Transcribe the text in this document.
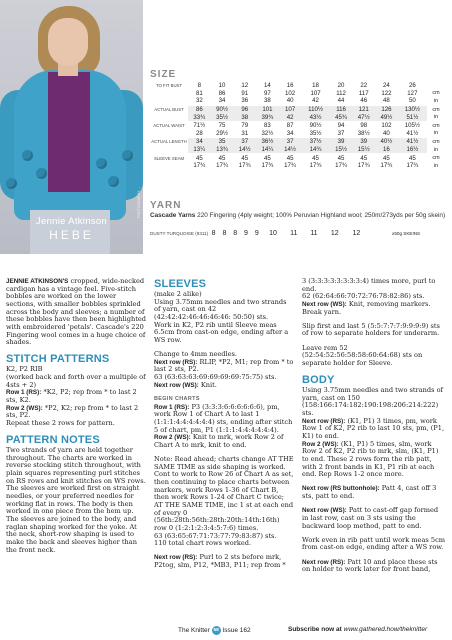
PHOTOGRAPHY: ...
Jennie Atkinson
HEBE
SIZE
TO FIT BUST	8	10	12	14	16	18	20	22	24	26	
	81	86	91	97	102	107	112	117	122	127	cm
	32	34	36	38	40	42	44	46	48	50	in
ACTUAL BUST	86	90½	96	101	107	110½	116	121	126	130½	cm
	33¾	35½	38	39¾	42	43½	45¾	47½	49½	51½	in
ACTUAL WAIST	71½	75	79	83	87	90½	94	98	102	105½	cm
	28	29½	31	32½	34	35½	37	38½	40	41½	in
ACTUAL LENGTH	34	35	37	36½	37	37½	39	39	40½	41½	cm
	13¼	13¾	14½	14¼	14½	14¾	15½	15½	16	16½	in
SLEEVE SEAM	45	45	45	45	45	45	45	45	45	45	cm
	17¾	17¾	17¾	17¾	17¾	17¾	17¾	17¾	17¾	17¾	in
YARN
Cascade Yarns 220 Fingering (4ply weight; 100% Peruvian Highland wool; 250m/273yds per 50g skein)
DUSTY TURQUOISE (9311)	8	8	8	9	9	10	11	11	12	12	x50g SKEINS

JENNIE ATKINSON'S cropped, wide-necked cardigan has a vintage feel. Five-stitch bobbles are worked on the lower sections, with smaller bobbles sprinkled across the body and sleeves; a number of these bobbles have then been highlighted with embroidered 'petals'. Cascade's 220 Fingering wool comes in a huge choice of shades.

STITCH PATTERNS

K2, P2 RIB

(worked back and forth over a multiple of 4sts + 2)

Row 1 (RS): *K2, P2; rep from * to last 2 sts, K2.

Row 2 (WS): *P2, K2; rep from * to last 2 sts, P2.

Repeat these 2 rows for pattern.

PATTERN NOTES

Two strands of yarn are held together throughout. The charts are worked in reverse stocking stitch throughout, with plain squares representing purl stitches on RS rows and knit stitches on WS rows. The sleeves are worked first on straight needles, or your preferred needles for working flat in rows. The body is then worked in one piece from the hem up. The sleeves are joined to the body, and raglan shaping worked for the yoke. At the neck, short-row shaping is used to make the back and sleeves higher than the front neck.

SLEEVES

(make 2 alike)

Using 3.75mm needles and two strands of yarn, cast on 42 (42:42:42:46:46:46:46: 50:50) sts.

Work in K2, P2 rib until Sleeve meas 6.5cm from cast-on edge, ending after a WS row.

Change to 4mm needles.

Next row (RS): RLIP, *P2, M1; rep from * to last 2 sts, P2.

63 (63:63:63:69:69:69:69:75:75) sts.

Next row (WS): Knit.

BEGIN CHARTS

Row 1 (RS): P3 (3:3:3:6:6:6:6:6:6), pm, work Row 1 of Chart A to last 1 (1:1:1:4:4:4:4:4:4) sts, ending after stitch 5 of chart, pm, P1 (1:1:1:4:4:4:4:4:4).

Row 2 (WS): Knit to mrk, work Row 2 of Chart A to mrk, knit to end.

Note: Read ahead; charts change AT THE SAME TIME as side shaping is worked. Cont to work to Row 26 of Chart A as set, then continuing to place charts between markers, work Rows 1-36 of Chart B, then work Rows 1-24 of Chart C twice; AT THE SAME TIME, inc 1 st at each end of every 0 (56th:28th:56th:28th:20th:14th:16th) row 0 (1:2:1:2:3:4:5:7:6) times.

63 (63:65:67:71:73:77:79:83:87) sts.

110 total chart rows worked.

Next row (RS): Purl to 2 sts before mrk, P2tog, slm, P12, *MB3, P11; rep from *

3 (3:3:3:3:3:3:3:3:4) times more, purl to end.

62 (62:64:66:70:72:76:78:82:86) sts.

Next row (WS): Knit, removing markers. Break yarn.

Slip first and last 5 (5:5:7:7:7:9:9:9:9) sts of row to separate holders for underarm.

Leave rem 52 (52:54:52:56:58:58:60:64:68) sts on separate holder for Sleeve.

BODY

Using 3.75mm needles and two strands of yarn, cast on 150 (158:166:174:182:190:198:206:214:222) sts.

Next row (RS): (K1, P1) 3 times, pm, work Row 1 of K2, P2 rib to last 10 sts, pm, (P1, K1) to end.

Row 2 (WS): (K1, P1) 5 times, slm, work Row 2 of K2, P2 rib to mrk, slm, (K1, P1) to end. These 2 rows form the rib patt, with 2 front bands in K1, P1 rib at each end. Rep Rows 1-2 once more.

Next row (RS buttonhole): Patt 4, cast off 3 sts, patt to end.

Next row (WS): Patt to cast-off gap formed in last row, cast on 3 sts using the backward loop method, patt to end.

Work even in rib patt until work meas 5cm from cast-on edge, ending after a WS row.

Next row (RS): Patt 10 and place these sts on holder to work later for front band,

The Knitter 58 Issue 162	Subscribe now at www.gathered.how/theknitter
